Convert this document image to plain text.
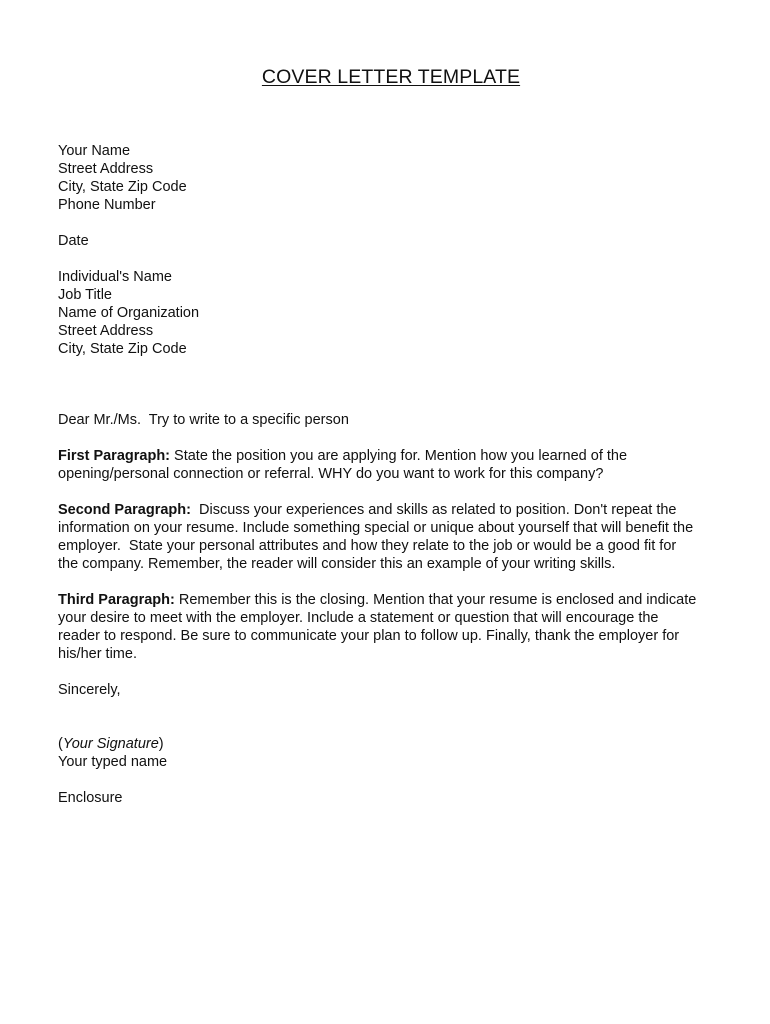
COVER LETTER TEMPLATE
Your Name
Street Address
City, State Zip Code
Phone Number
Date
Individual's Name
Job Title
Name of Organization
Street Address
City, State Zip Code
Dear Mr./Ms.  Try to write to a specific person
First Paragraph: State the position you are applying for. Mention how you learned of the
opening/personal connection or referral. WHY do you want to work for this company?
Second Paragraph:  Discuss your experiences and skills as related to position. Don't repeat the
information on your resume. Include something special or unique about yourself that will benefit the
employer.  State your personal attributes and how they relate to the job or would be a good fit for
the company. Remember, the reader will consider this an example of your writing skills.
Third Paragraph: Remember this is the closing. Mention that your resume is enclosed and indicate
your desire to meet with the employer. Include a statement or question that will encourage the
reader to respond. Be sure to communicate your plan to follow up. Finally, thank the employer for
his/her time.
Sincerely,
(Your Signature)
Your typed name
Enclosure
